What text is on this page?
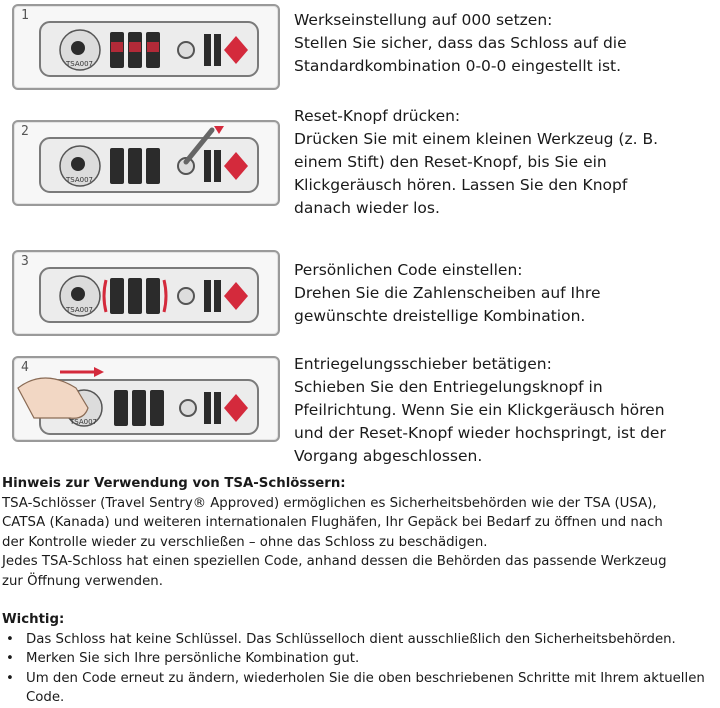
1
TSA007
Werkseinstellung auf 000 setzen:
Stellen Sie sicher, dass das Schloss auf die
Standardkombination 0-0-0 eingestellt ist.
2
TSA007
Reset-Knopf drücken:
Drücken Sie mit einem kleinen Werkzeug (z. B.
einem Stift) den Reset-Knopf, bis Sie ein
Klickgeräusch hören. Lassen Sie den Knopf
danach wieder los.
3
TSA007
Persönlichen Code einstellen:
Drehen Sie die Zahlenscheiben auf Ihre
gewünschte dreistellige Kombination.
4
TSA007
Entriegelungsschieber betätigen:
Schieben Sie den Entriegelungsknopf in
Pfeilrichtung. Wenn Sie ein Klickgeräusch hören
und der Reset-Knopf wieder hochspringt, ist der
Vorgang abgeschlossen.

Hinweis zur Verwendung von TSA-Schlössern:

TSA-Schlösser (Travel Sentry® Approved) ermöglichen es Sicherheitsbehörden wie der TSA (USA),

CATSA (Kanada) und weiteren internationalen Flughäfen, Ihr Gepäck bei Bedarf zu öffnen und nach

der Kontrolle wieder zu verschließen – ohne das Schloss zu beschädigen.

Jedes TSA-Schloss hat einen speziellen Code, anhand dessen die Behörden das passende Werkzeug

zur Öffnung verwenden.

Wichtig:

• Das Schloss hat keine Schlüssel. Das Schlüsselloch dient ausschließlich den Sicherheitsbehörden.
• Merken Sie sich Ihre persönliche Kombination gut.
• Um den Code erneut zu ändern, wiederholen Sie die oben beschriebenen Schritte mit Ihrem aktuellen Code.
